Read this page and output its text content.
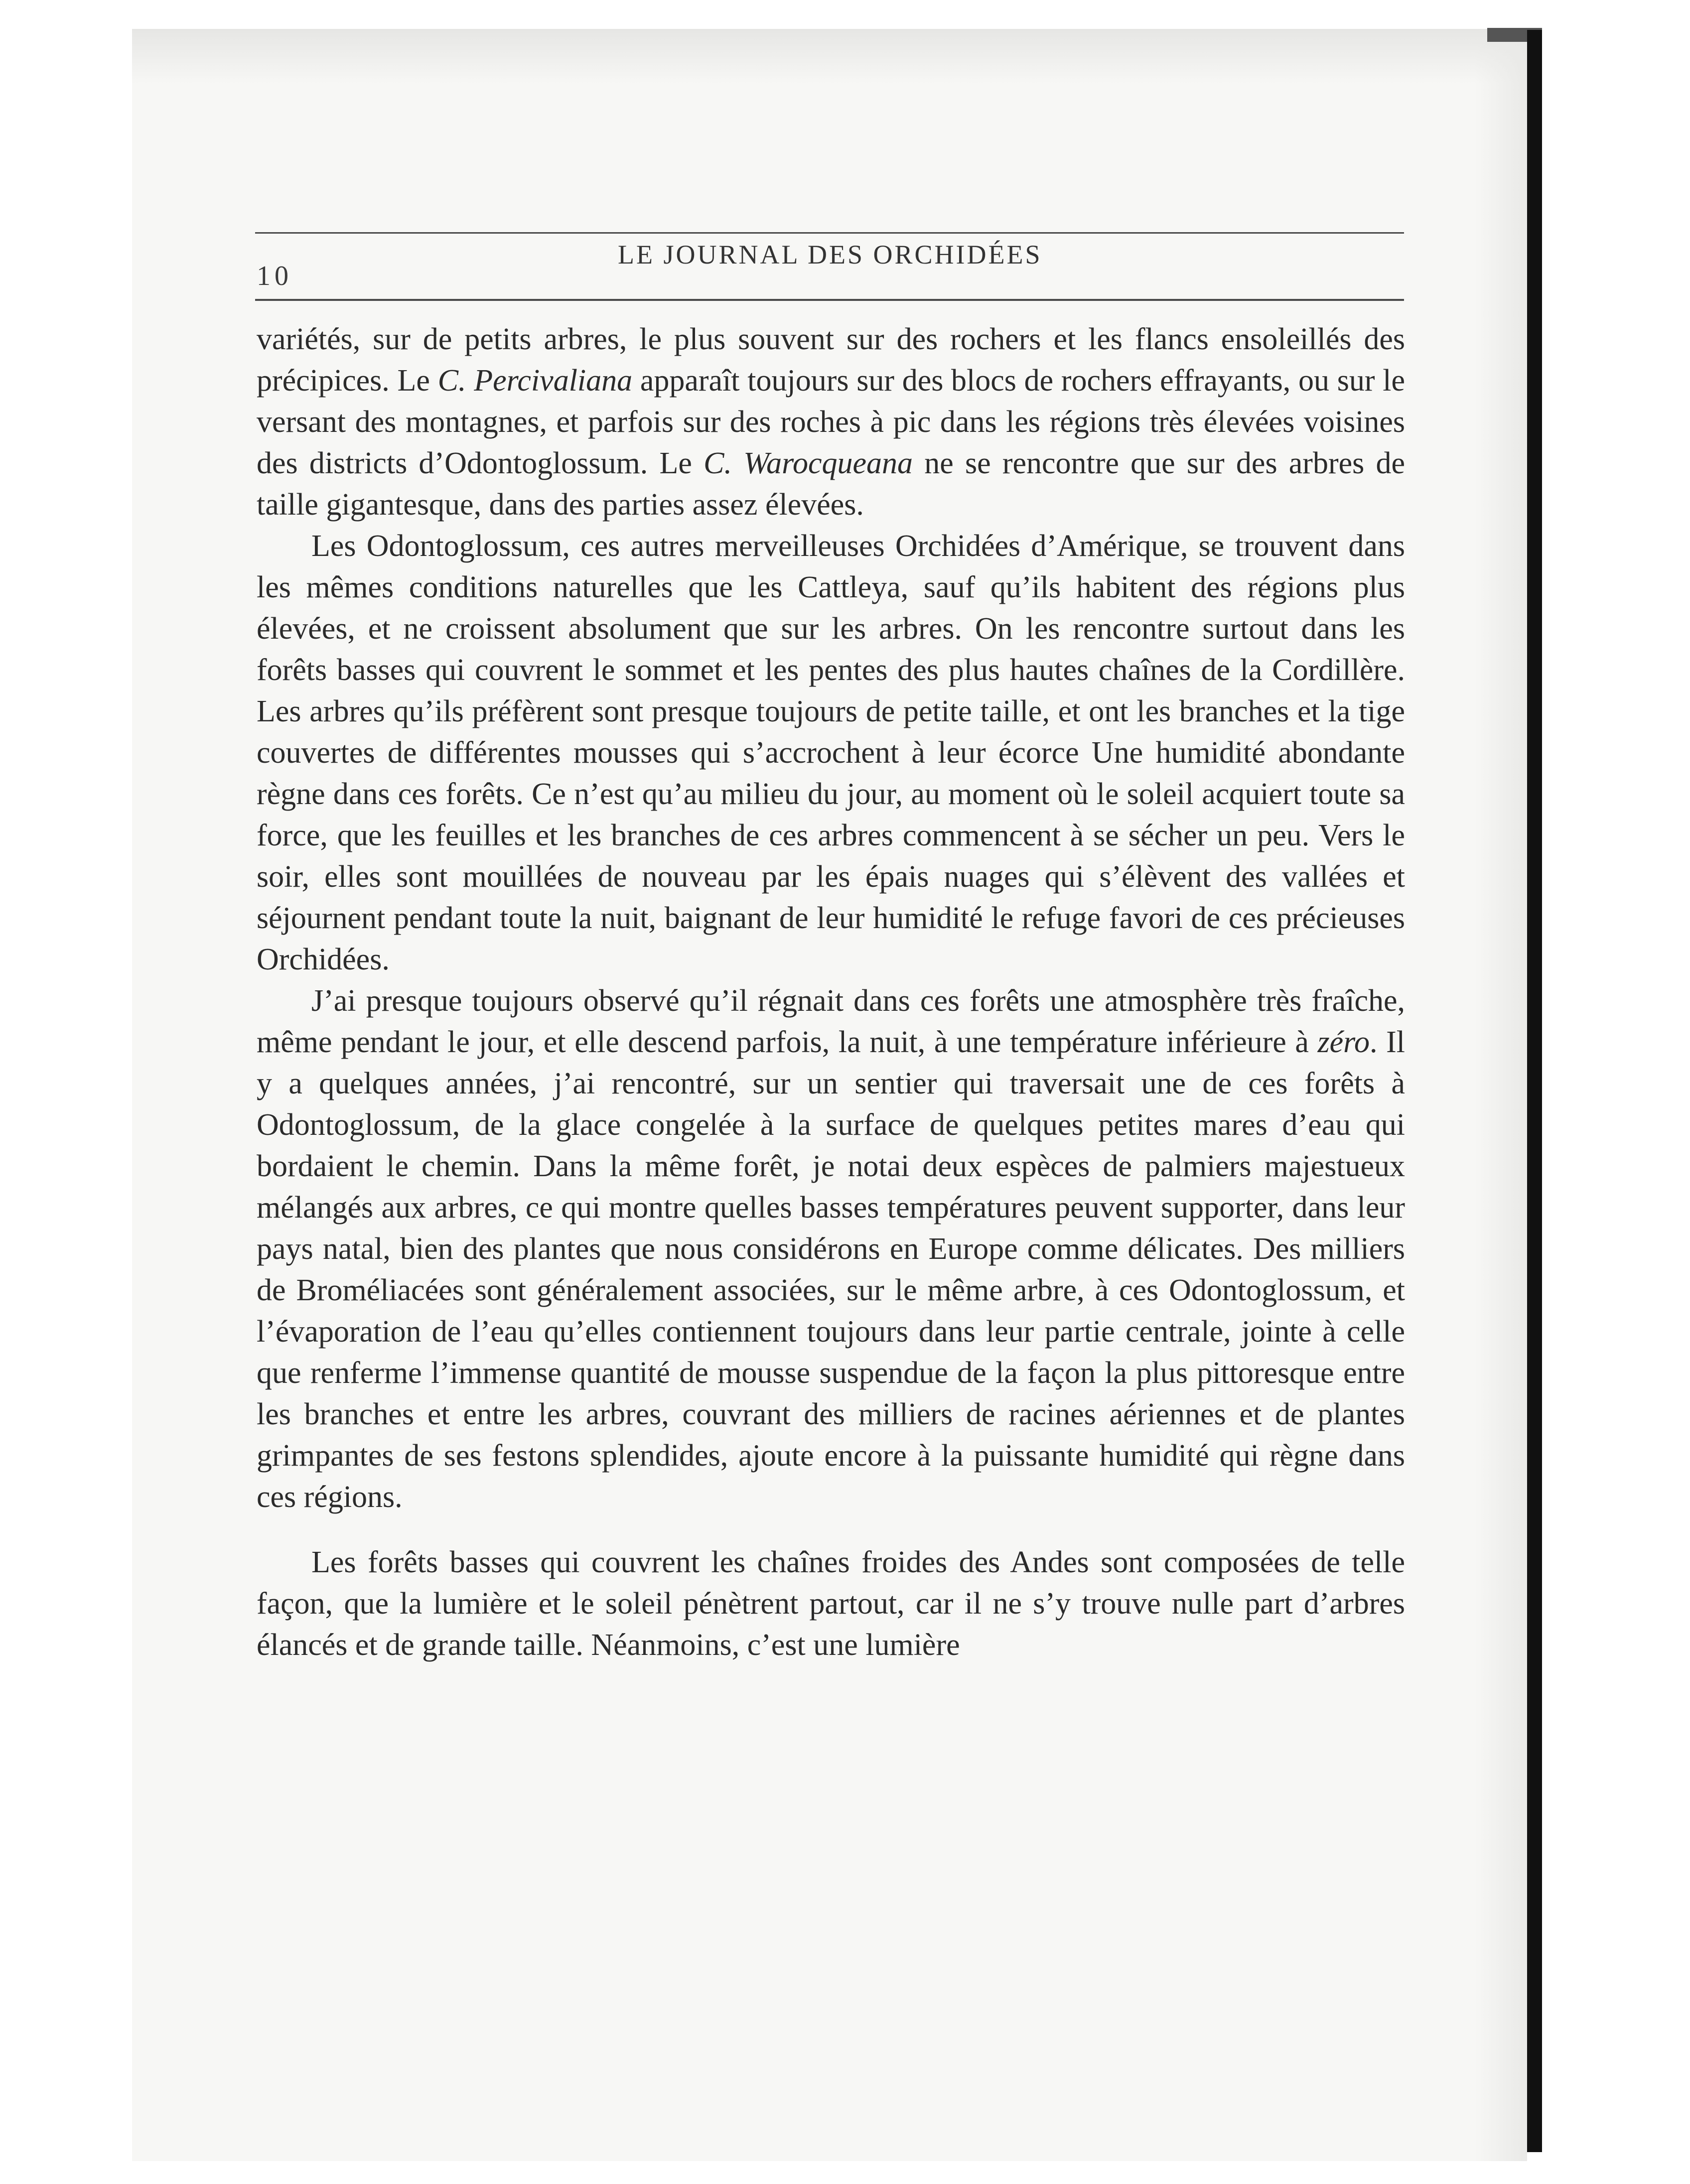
10
LE JOURNAL DES ORCHIDÉES

variétés, sur de petits arbres, le plus souvent sur des rochers et les flancs ensoleillés des précipices. Le C. Percivaliana apparaît toujours sur des blocs de rochers effrayants, ou sur le versant des montagnes, et parfois sur des roches à pic dans les régions très élevées voisines des districts d’Odontoglossum. Le C. Warocqueana ne se rencontre que sur des arbres de taille gigantesque, dans des parties assez élevées.

Les Odontoglossum, ces autres merveilleuses Orchidées d’Amérique, se trouvent dans les mêmes conditions naturelles que les Cattleya, sauf qu’ils habitent des régions plus élevées, et ne croissent absolument que sur les arbres. On les rencontre surtout dans les forêts basses qui couvrent le sommet et les pentes des plus hautes chaînes de la Cordillère. Les arbres qu’ils préfèrent sont presque toujours de petite taille, et ont les branches et la tige couvertes de différentes mousses qui s’accrochent à leur écorce Une humidité abondante règne dans ces forêts. Ce n’est qu’au milieu du jour, au moment où le soleil acquiert toute sa force, que les feuilles et les branches de ces arbres commencent à se sécher un peu. Vers le soir, elles sont mouillées de nouveau par les épais nuages qui s’élèvent des vallées et séjournent pendant toute la nuit, baignant de leur humidité le refuge favori de ces précieuses Orchidées.

J’ai presque toujours observé qu’il régnait dans ces forêts une atmosphère très fraîche, même pendant le jour, et elle descend parfois, la nuit, à une température inférieure à zéro. Il y a quelques années, j’ai rencontré, sur un sentier qui traversait une de ces forêts à Odontoglossum, de la glace congelée à la surface de quelques petites mares d’eau qui bordaient le chemin. Dans la même forêt, je notai deux espèces de palmiers majestueux mélangés aux arbres, ce qui montre quelles basses températures peuvent supporter, dans leur pays natal, bien des plantes que nous considérons en Europe comme délicates. Des milliers de Broméliacées sont généralement associées, sur le même arbre, à ces Odontoglossum, et l’évaporation de l’eau qu’elles contiennent toujours dans leur partie centrale, jointe à celle que renferme l’immense quantité de mousse suspendue de la façon la plus pittoresque entre les branches et entre les arbres, couvrant des milliers de racines aériennes et de plantes grimpantes de ses festons splendides, ajoute encore à la puissante humidité qui règne dans ces régions.

Les forêts basses qui couvrent les chaînes froides des Andes sont composées de telle façon, que la lumière et le soleil pénètrent partout, car il ne s’y trouve nulle part d’arbres élancés et de grande taille. Néanmoins, c’est une lumière
